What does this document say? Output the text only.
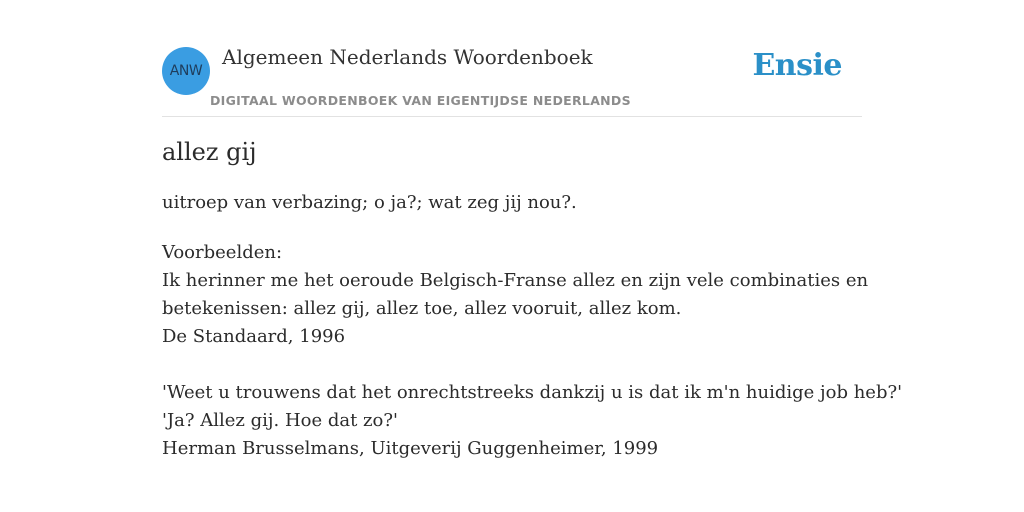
ANW
Algemeen Nederlands Woordenboek
DIGITAAL WOORDENBOEK VAN EIGENTIJDSE NEDERLANDS
Ensie
allez gij
uitroep van verbazing; o ja?; wat zeg jij nou?.
Voorbeelden:
Ik herinner me het oeroude Belgisch-Franse allez en zijn vele combinaties en
betekenissen: allez gij, allez toe, allez vooruit, allez kom.
De Standaard, 1996
'Weet u trouwens dat het onrechtstreeks dankzij u is dat ik m'n huidige job heb?'
'Ja? Allez gij. Hoe dat zo?'
Herman Brusselmans, Uitgeverij Guggenheimer, 1999
